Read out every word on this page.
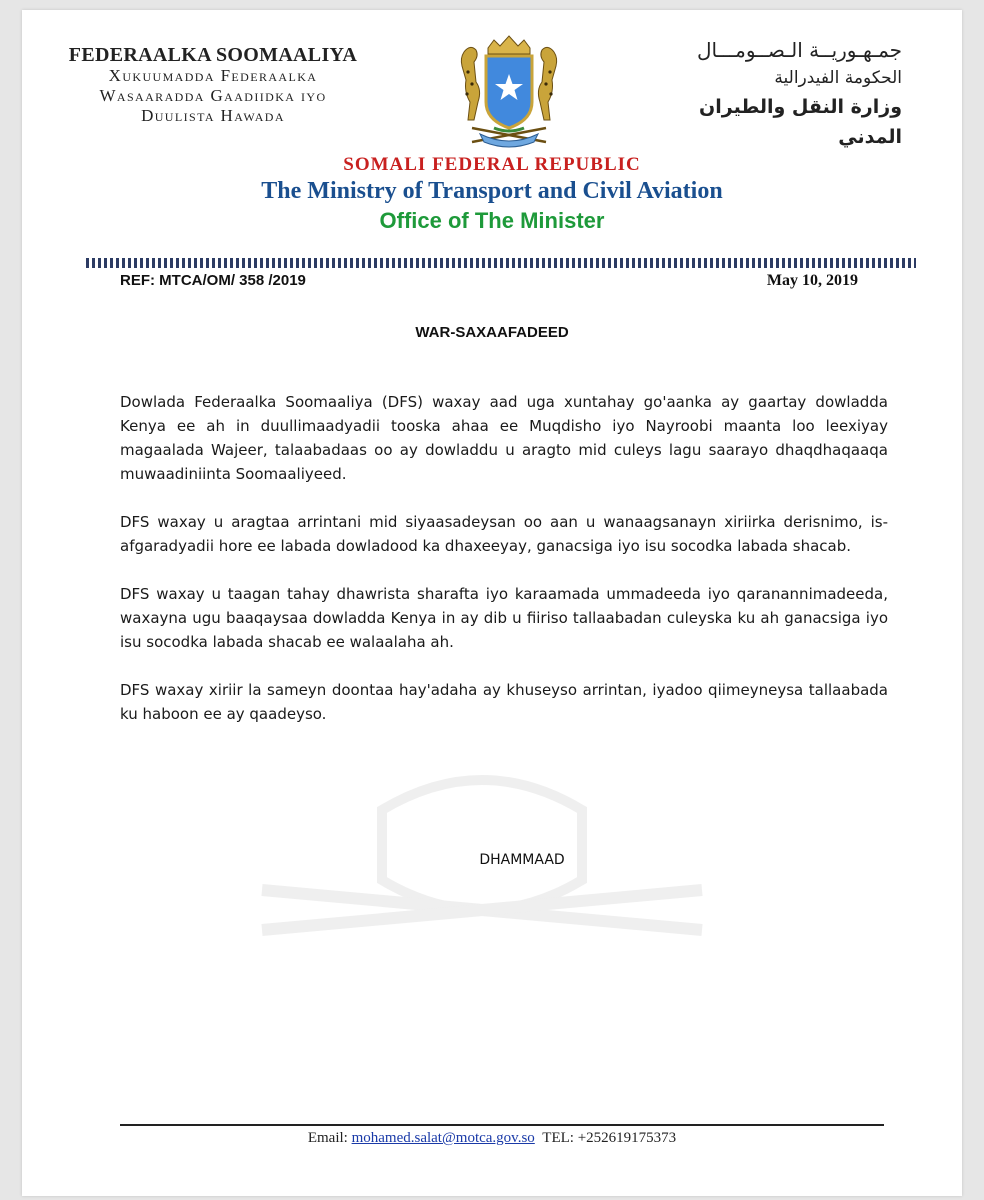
FEDERAALKA SOOMAALIYA
Xukuumadda Federaalka
Wasaaradda Gaadiidka iyo
Duulista Hawada
جمـهـوريــة الـصــومـــال
الحكومة الفيدرالية
وزارة النقل والطيران المدني
SOMALI FEDERAL REPUBLIC
The Ministry of Transport and Civil Aviation
Office of The Minister
REF: MTCA/OM/ 358 /2019	May 10, 2019
WAR-SAXAAFADEED

Dowlada Federaalka Soomaaliya (DFS) waxay aad uga xuntahay go'aanka ay gaartay dowladda Kenya ee ah in duullimaadyadii tooska ahaa ee Muqdisho iyo Nayroobi maanta loo leexiyay magaalada Wajeer, talaabadaas oo ay dowladdu u aragto mid culeys lagu saarayo dhaqdhaqaaqa muwaadiniinta Soomaaliyeed.

DFS waxay u aragtaa arrintani mid siyaasadeysan oo aan u wanaagsanayn xiriirka derisnimo, is-afgaradyadii hore ee labada dowladood ka dhaxeeyay, ganacsiga iyo isu socodka labada shacab.

DFS waxay u taagan tahay dhawrista sharafta iyo karaamada ummadeeda iyo qaranannimadeeda, waxayna ugu baaqaysaa dowladda Kenya in ay dib u fiiriso tallaabadan culeyska ku ah ganacsiga iyo isu socodka labada shacab ee walaalaha ah.

DFS waxay xiriir la sameyn doontaa hay'adaha ay khuseyso arrintan, iyadoo qiimeyneysa tallaabada ku haboon ee ay qaadeyso.

DHAMMAAD
Email: mohamed.salat@motca.gov.so TEL: +252619175373
